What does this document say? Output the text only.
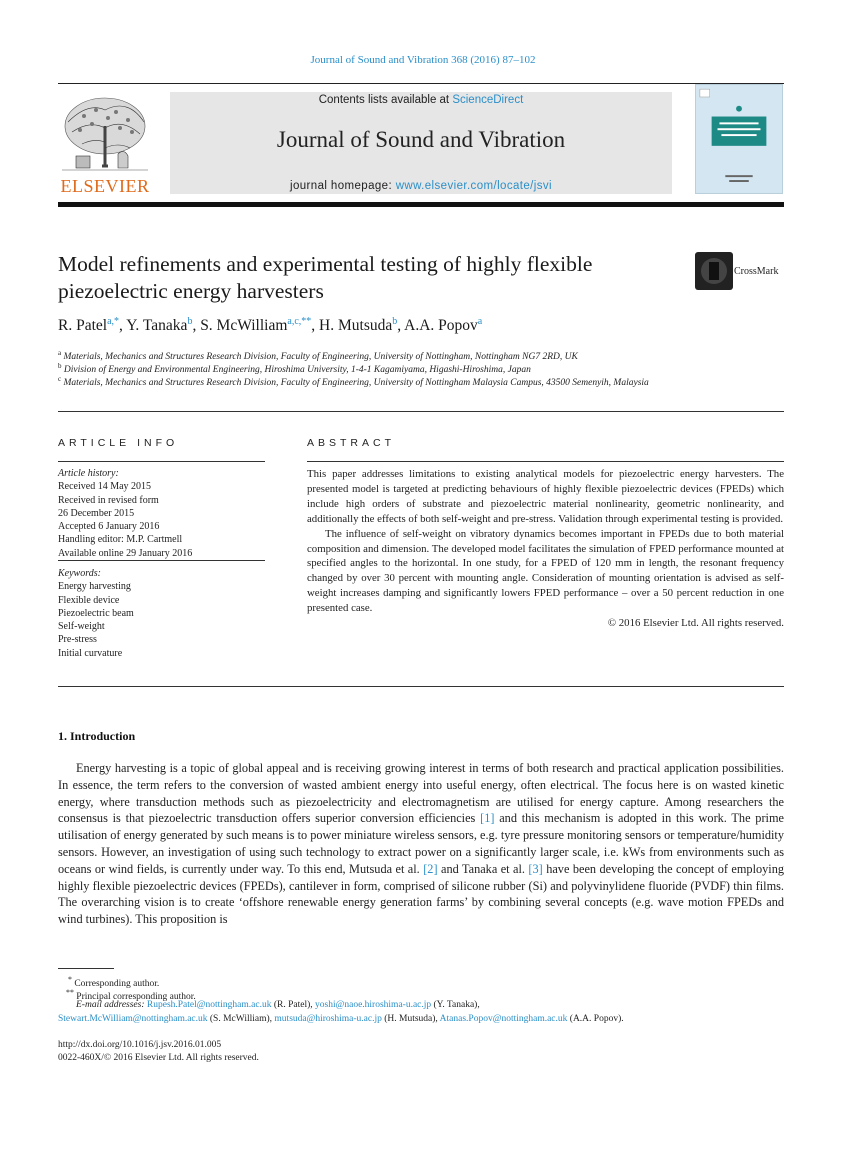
Journal of Sound and Vibration 368 (2016) 87–102
ELSEVIER
Contents lists available at ScienceDirect
Journal of Sound and Vibration
journal homepage: www.elsevier.com/locate/jsvi
Model refinements and experimental testing of highly flexible piezoelectric energy harvesters
CrossMark
R. Patel$^{a,*}$, Y. Tanaka$^b$, S. McWilliam$^{a,c,**}$, H. Mutsuda$^b$, A.A. Popov$^a$
$^a$ Materials, Mechanics and Structures Research Division, Faculty of Engineering, University of Nottingham, Nottingham NG7 2RD, UK
$^b$ Division of Energy and Environmental Engineering, Hiroshima University, 1-4-1 Kagamiyama, Higashi-Hiroshima, Japan
$^c$ Materials, Mechanics and Structures Research Division, Faculty of Engineering, University of Nottingham Malaysia Campus, 43500 Semenyih, Malaysia
ARTICLE INFO
Article history:
Received 14 May 2015
Received in revised form
26 December 2015
Accepted 6 January 2016
Handling editor: M.P. Cartmell
Available online 29 January 2016
Keywords:
Energy harvesting
Flexible device
Piezoelectric beam
Self-weight
Pre-stress
Initial curvature
ABSTRACT

This paper addresses limitations to existing analytical models for piezoelectric energy harvesters. The presented model is targeted at predicting behaviours of highly flexible piezoelectric devices (FPEDs) which include high orders of substrate and piezoelectric material nonlinearity, geometric nonlinearity, and additionally the effects of both self-weight and pre-stress. Validation through experimental testing is provided.

The influence of self-weight on vibratory dynamics becomes important in FPEDs due to both material composition and dimension. The developed model facilitates the simulation of FPED performance mounted at specified angles to the horizontal. In one study, for a FPED of 120 mm in length, the resonant frequency changed by over 30 percent with mounting angle. Consideration of mounting orientation is advised as self-weight increases damping and significantly lowers FPED performance – over a 50 percent reduction in one presented case.

© 2016 Elsevier Ltd. All rights reserved.

1. Introduction

Energy harvesting is a topic of global appeal and is receiving growing interest in terms of both research and practical application possibilities. In essence, the term refers to the conversion of wasted ambient energy into useful energy, often electrical. The focus here is on wasted kinetic energy, where transduction methods such as piezoelectricity and electromagnetism are utilised for energy capture. Among researchers the consensus is that piezoelectric transduction offers superior conversion efficiencies [1] and this mechanism is adopted in this work. The prime utilisation of energy generated by such means is to power miniature wireless sensors, e.g. tyre pressure monitoring sensors or temperature/humidity sensors. However, an investigation of using such technology to extract power on a significantly larger scale, i.e. kWs from environments such as oceans or wind fields, is currently under way. To this end, Mutsuda et al. [2] and Tanaka et al. [3] have been developing the concept of employing highly flexible piezoelectric devices (FPEDs), cantilever in form, comprised of silicone rubber (Si) and polyvinylidene fluoride (PVDF) thin films. The overarching vision is to create ‘offshore renewable energy generation farms’ by combining several concepts (e.g. wave motion FPEDs and wind turbines). This proposition is

* Corresponding author.
** Principal corresponding author.
E-mail addresses: Rupesh.Patel@nottingham.ac.uk (R. Patel), yoshi@naoe.hiroshima-u.ac.jp (Y. Tanaka),
Stewart.McWilliam@nottingham.ac.uk (S. McWilliam), mutsuda@hiroshima-u.ac.jp (H. Mutsuda), Atanas.Popov@nottingham.ac.uk (A.A. Popov).
http://dx.doi.org/10.1016/j.jsv.2016.01.005
0022-460X/© 2016 Elsevier Ltd. All rights reserved.
